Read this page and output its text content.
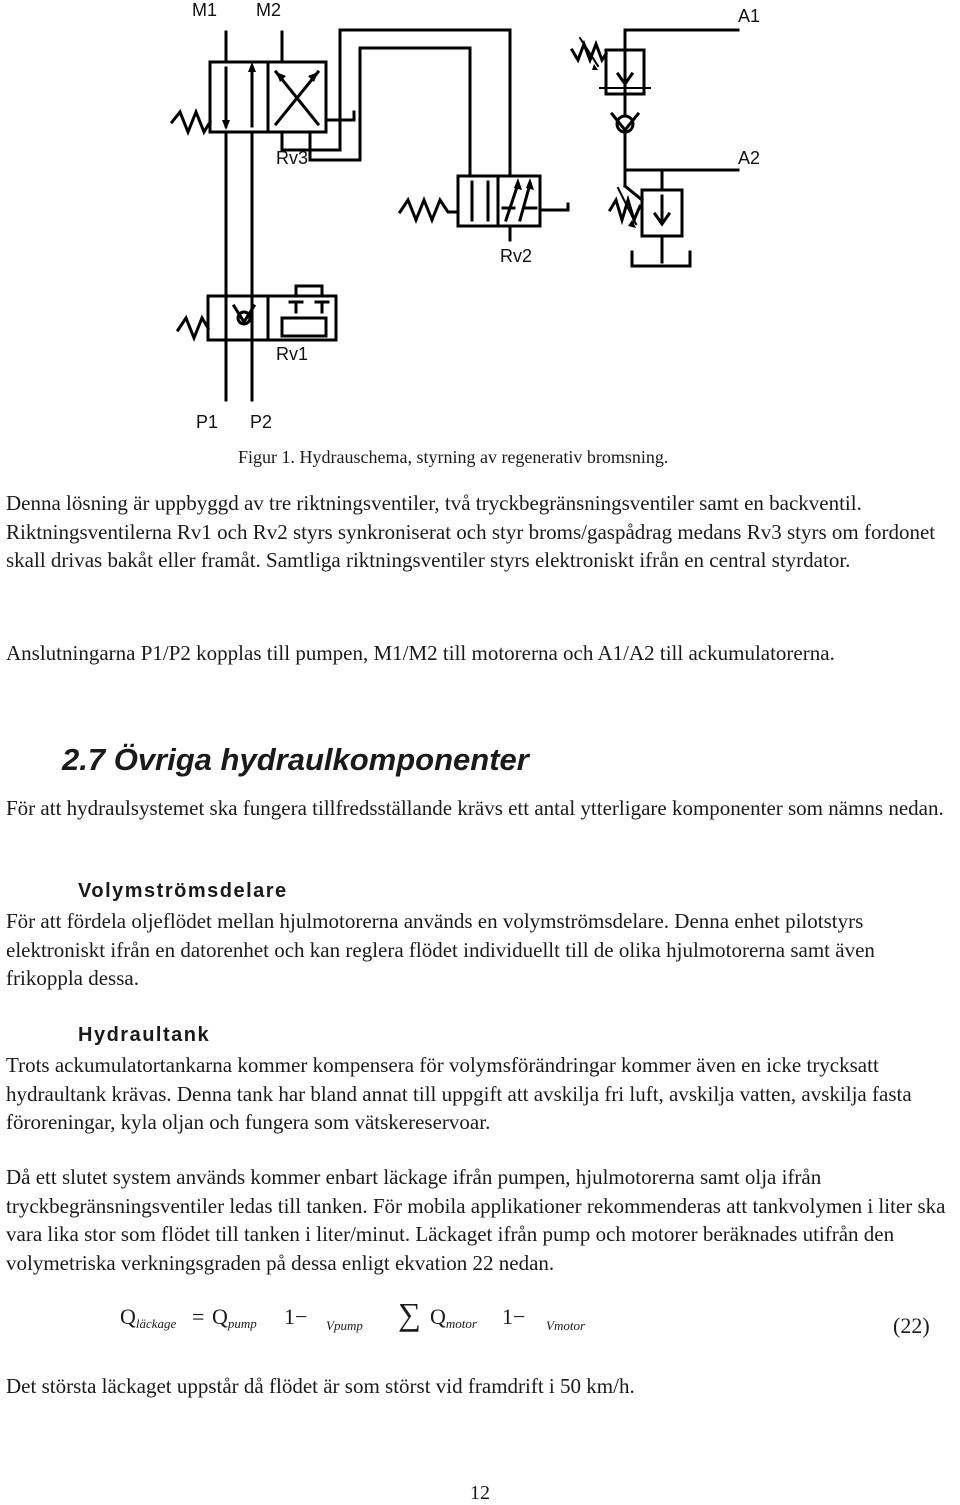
M1 M2	A1
A2
Rv3
Rv2
Rv1
P1 P2
Figur 1. Hydrauschema, styrning av regenerativ bromsning.

Denna lösning är uppbyggd av tre riktningsventiler, två tryckbegränsningsventiler samt en backventil. Riktningsventilerna Rv1 och Rv2 styrs synkroniserat och styr broms/gaspådrag medans Rv3 styrs om fordonet skall drivas bakåt eller framåt. Samtliga riktningsventiler styrs elektroniskt ifrån en central styrdator.

Anslutningarna P1/P2 kopplas till pumpen, M1/M2 till motorerna och A1/A2 till ackumulatorerna.

2.7 Övriga hydraulkomponenter

För att hydraulsystemet ska fungera tillfredsställande krävs ett antal ytterligare komponenter som nämns nedan.

Volymströmsdelare

För att fördela oljeflödet mellan hjulmotorerna används en volymströmsdelare. Denna enhet pilotstyrs elektroniskt ifrån en datorenhet och kan reglera flödet individuellt till de olika hjulmotorerna samt även frikoppla dessa.

Hydraultank

Trots ackumulatortankarna kommer kompensera för volymsförändringar kommer även en icke trycksatt hydraultank krävas. Denna tank har bland annat till uppgift att avskilja fri luft, avskilja vatten, avskilja fasta föroreningar, kyla oljan och fungera som vätskereservoar.

Då ett slutet system används kommer enbart läckage ifrån pumpen, hjulmotorerna samt olja ifrån tryckbegränsningsventiler ledas till tanken. För mobila applikationer rekommenderas att tankvolymen i liter ska vara lika stor som flödet till tanken i liter/minut. Läckaget ifrån pump och motorer beräknades utifrån den volymetriska verkningsgraden på dessa enligt ekvation 22 nedan.

Qläckage = Qpump 1− Vpump ∑ Qmotor 1− Vmotor	(22)

Det största läckaget uppstår då flödet är som störst vid framdrift i 50 km/h.

12
